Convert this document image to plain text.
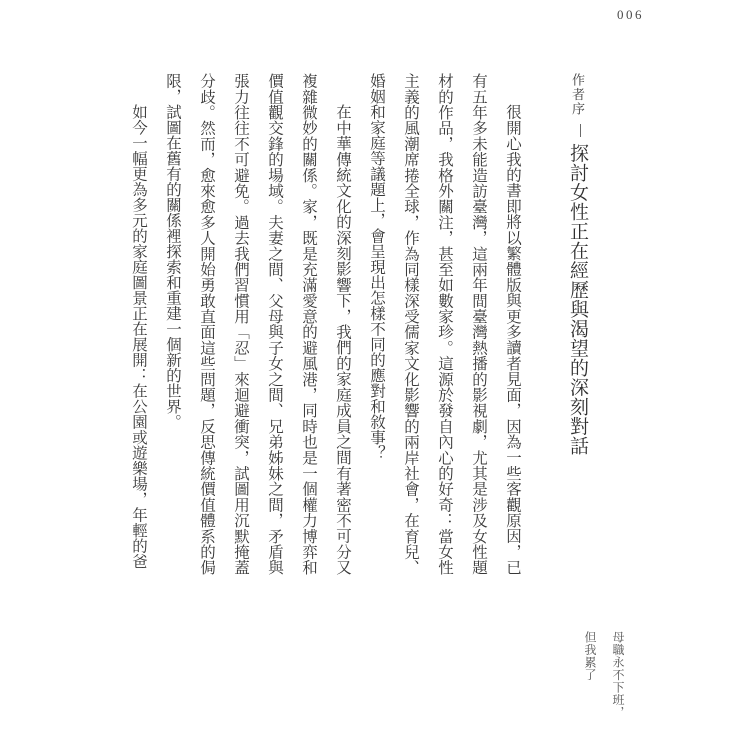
006
作者序探討女性正在經歷與渴望的深刻對話

很開心我的書即將以繁體版與更多讀者見面，因為一些客觀原因，已有五年多未能造訪臺灣，這兩年間臺灣熱播的影視劇，尤其是涉及女性題材的作品，我格外關注，甚至如數家珍。這源於發自內心的好奇：當女性主義的風潮席捲全球，作為同樣深受儒家文化影響的兩岸社會，在育兒、婚姻和家庭等議題上，會呈現出怎樣不同的應對和敘事？

在中華傳統文化的深刻影響下，我們的家庭成員之間有著密不可分又複雜微妙的關係。家，既是充滿愛意的避風港，同時也是一個權力博弈和價值觀交鋒的場域。夫妻之間、父母與子女之間、兄弟姊妹之間，矛盾與張力往往不可避免。過去我們習慣用「忍」來迴避衝突，試圖用沉默掩蓋分歧。然而，愈來愈多人開始勇敢直面這些問題，反思傳統價值體系的侷限，試圖在舊有的關係裡探索和重建一個新的世界。

如今一幅更為多元的家庭圖景正在展開：在公園或遊樂場，年輕的爸

母職永不下班，
但我累了
